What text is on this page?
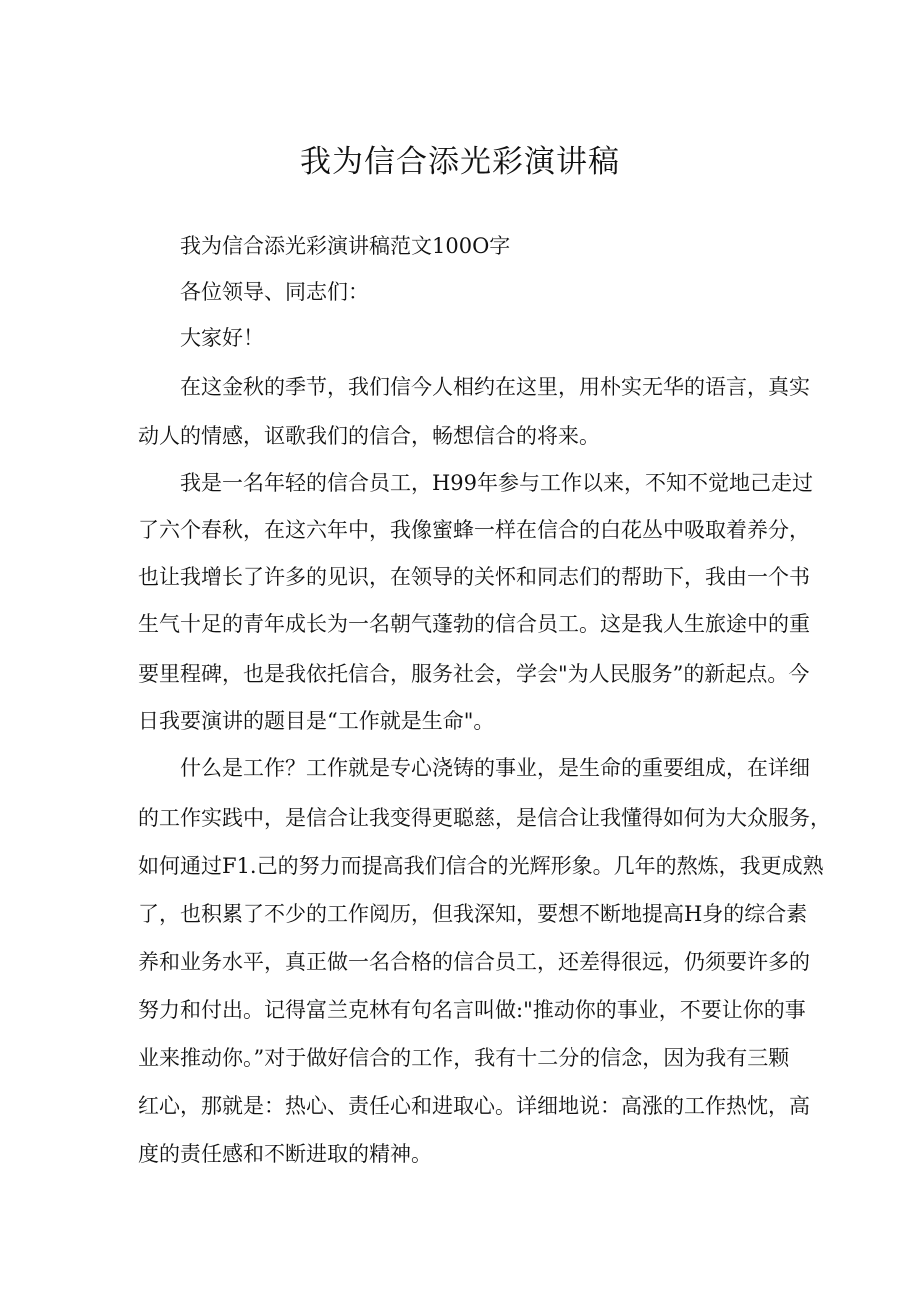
我为信合添光彩演讲稿
我为信合添光彩演讲稿范文100O字
各位领导、同志们：
大家好！
在这金秋的季节，我们信今人相约在这里，用朴实无华的语言，真实
动人的情感，讴歌我们的信合，畅想信合的将来。
我是一名年轻的信合员工，H99年参与工作以来，不知不觉地己走过
了六个春秋，在这六年中，我像蜜蜂一样在信合的白花丛中吸取着养分，
也让我增长了许多的见识，在领导的关怀和同志们的帮助下，我由一个书
生气十足的青年成长为一名朝气蓬勃的信合员工。这是我人生旅途中的重
要里程碑，也是我依托信合，服务社会，学会"为人民服务”的新起点。今
日我要演讲的题目是“工作就是生命"。
什么是工作？工作就是专心浇铸的事业，是生命的重要组成，在详细
的工作实践中，是信合让我变得更聪慈，是信合让我懂得如何为大众服务，
如何通过F1.己的努力而提高我们信合的光辉形象。几年的熬炼，我更成熟
了，也积累了不少的工作阅历，但我深知，要想不断地提高H身的综合素
养和业务水平，真正做一名合格的信合员工，还差得很远，仍须要许多的
努力和付出。记得富兰克林有句名言叫做:"推动你的事业，不要让你的事
业来推动你。”对于做好信合的工作，我有十二分的信念，因为我有三颗
红心，那就是：热心、责任心和进取心。详细地说：高涨的工作热忱，高
度的责任感和不断进取的精神。
